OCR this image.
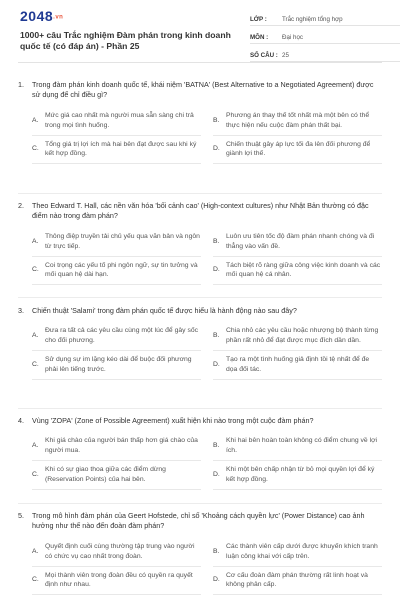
2048.vn
1000+ câu Trắc nghiệm Đàm phán trong kinh doanh quốc tế (có đáp án) - Phần 25
LỚP :	Trắc nghiệm tổng hợp
MÔN :	Đại học
SỐ CÂU : 25
1.	Trong đàm phán kinh doanh quốc tế, khái niệm 'BATNA' (Best Alternative to a Negotiated Agreement) được sử dụng để chỉ điều gì?
A.
Mức giá cao nhất mà người mua sẵn sàng chi trả trong mọi tình huống.
B.
Phương án thay thế tốt nhất mà một bên có thể thực hiện nếu cuộc đàm phán thất bại.
C.
Tổng giá trị lợi ích mà hai bên đạt được sau khi ký kết hợp đồng.
D.
Chiến thuật gây áp lực tối đa lên đối phương để giành lợi thế.
2.	Theo Edward T. Hall, các nền văn hóa 'bối cảnh cao' (High-context cultures) như Nhật Bản thường có đặc điểm nào trong đàm phán?
A.
Thông điệp truyền tải chủ yếu qua văn bản và ngôn từ trực tiếp.
B.
Luôn ưu tiên tốc độ đàm phán nhanh chóng và đi thẳng vào vấn đề.
C.
Coi trọng các yếu tố phi ngôn ngữ, sự tin tưởng và mối quan hệ dài hạn.
D.
Tách biệt rõ ràng giữa công việc kinh doanh và các mối quan hệ cá nhân.
3.	Chiến thuật 'Salami' trong đàm phán quốc tế được hiểu là hành động nào sau đây?
A.
Đưa ra tất cả các yêu cầu cùng một lúc để gây sốc cho đối phương.
B.
Chia nhỏ các yêu cầu hoặc nhượng bộ thành từng phần rất nhỏ để đạt được mục đích dần dần.
C.
Sử dụng sự im lặng kéo dài để buộc đối phương phải lên tiếng trước.
D.
Tạo ra một tình huống giả định tồi tệ nhất để đe dọa đối tác.
4.	Vùng 'ZOPA' (Zone of Possible Agreement) xuất hiện khi nào trong một cuộc đàm phán?
A.
Khi giá chào của người bán thấp hơn giá chào của người mua.
B.
Khi hai bên hoàn toàn không có điểm chung về lợi ích.
C.
Khi có sự giao thoa giữa các điểm dừng (Reservation Points) của hai bên.
D.
Khi một bên chấp nhận từ bỏ mọi quyền lợi để ký kết hợp đồng.
5.	Trong mô hình đàm phán của Geert Hofstede, chỉ số 'Khoảng cách quyền lực' (Power Distance) cao ảnh hưởng như thế nào đến đoàn đàm phán?
A.
Quyết định cuối cùng thường tập trung vào người có chức vụ cao nhất trong đoàn.
B.
Các thành viên cấp dưới được khuyến khích tranh luận công khai với cấp trên.
C.
Mọi thành viên trong đoàn đều có quyền ra quyết định như nhau.
D.
Cơ cấu đoàn đàm phán thường rất linh hoạt và không phân cấp.
